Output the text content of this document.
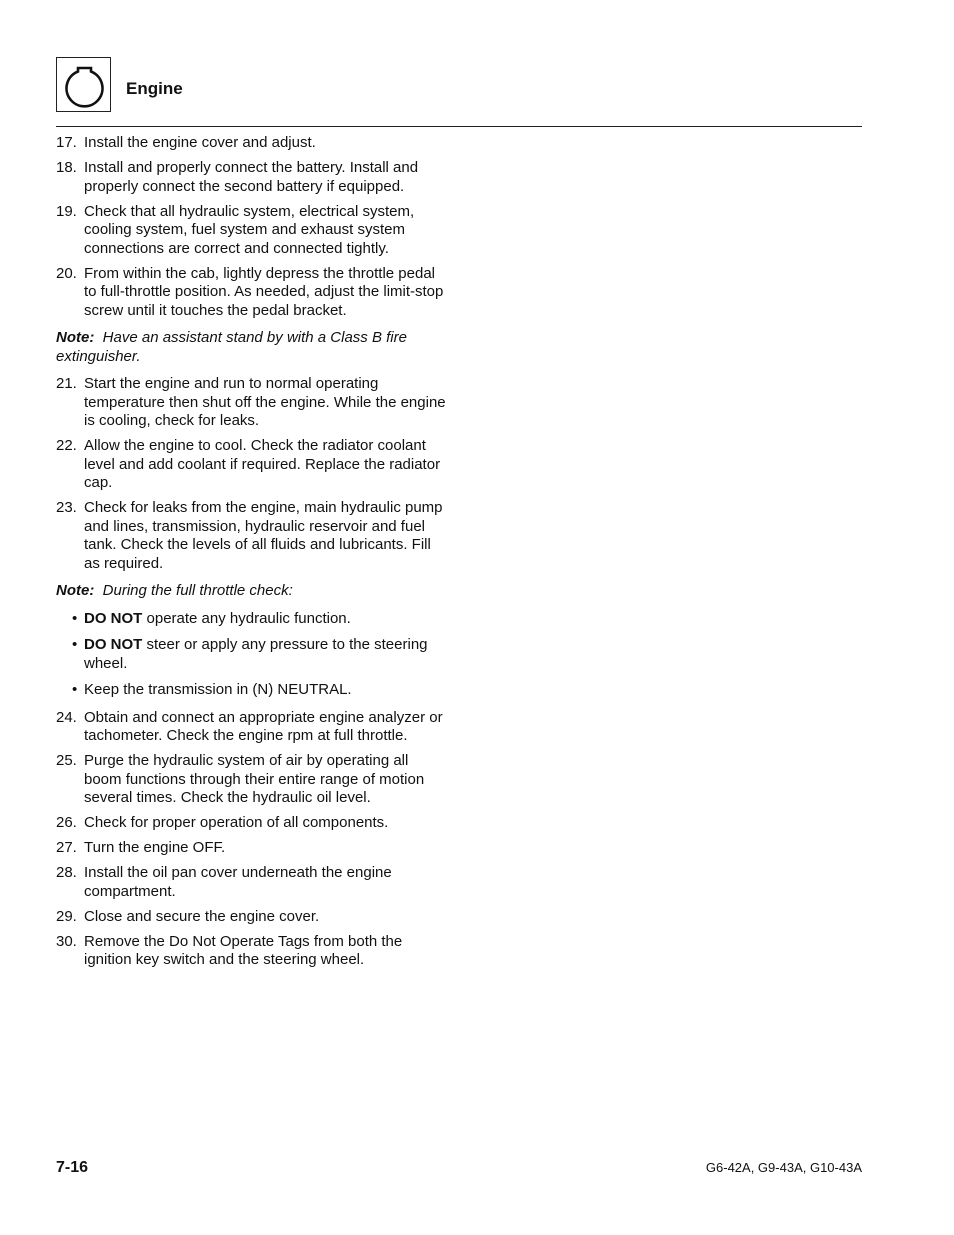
Engine
17. Install the engine cover and adjust.
18. Install and properly connect the battery. Install and properly connect the second battery if equipped.
19. Check that all hydraulic system, electrical system, cooling system, fuel system and exhaust system connections are correct and connected tightly.
20. From within the cab, lightly depress the throttle pedal to full-throttle position. As needed, adjust the limit-stop screw until it touches the pedal bracket.
Note: Have an assistant stand by with a Class B fire extinguisher.
21. Start the engine and run to normal operating temperature then shut off the engine. While the engine is cooling, check for leaks.
22. Allow the engine to cool. Check the radiator coolant level and add coolant if required. Replace the radiator cap.
23. Check for leaks from the engine, main hydraulic pump and lines, transmission, hydraulic reservoir and fuel tank. Check the levels of all fluids and lubricants. Fill as required.
Note: During the full throttle check:
• DO NOT operate any hydraulic function.
• DO NOT steer or apply any pressure to the steering wheel.
• Keep the transmission in (N) NEUTRAL.
24. Obtain and connect an appropriate engine analyzer or tachometer. Check the engine rpm at full throttle.
25. Purge the hydraulic system of air by operating all boom functions through their entire range of motion several times. Check the hydraulic oil level.
26. Check for proper operation of all components.
27. Turn the engine OFF.
28. Install the oil pan cover underneath the engine compartment.
29. Close and secure the engine cover.
30. Remove the Do Not Operate Tags from both the ignition key switch and the steering wheel.
7-16	G6-42A, G9-43A, G10-43A
